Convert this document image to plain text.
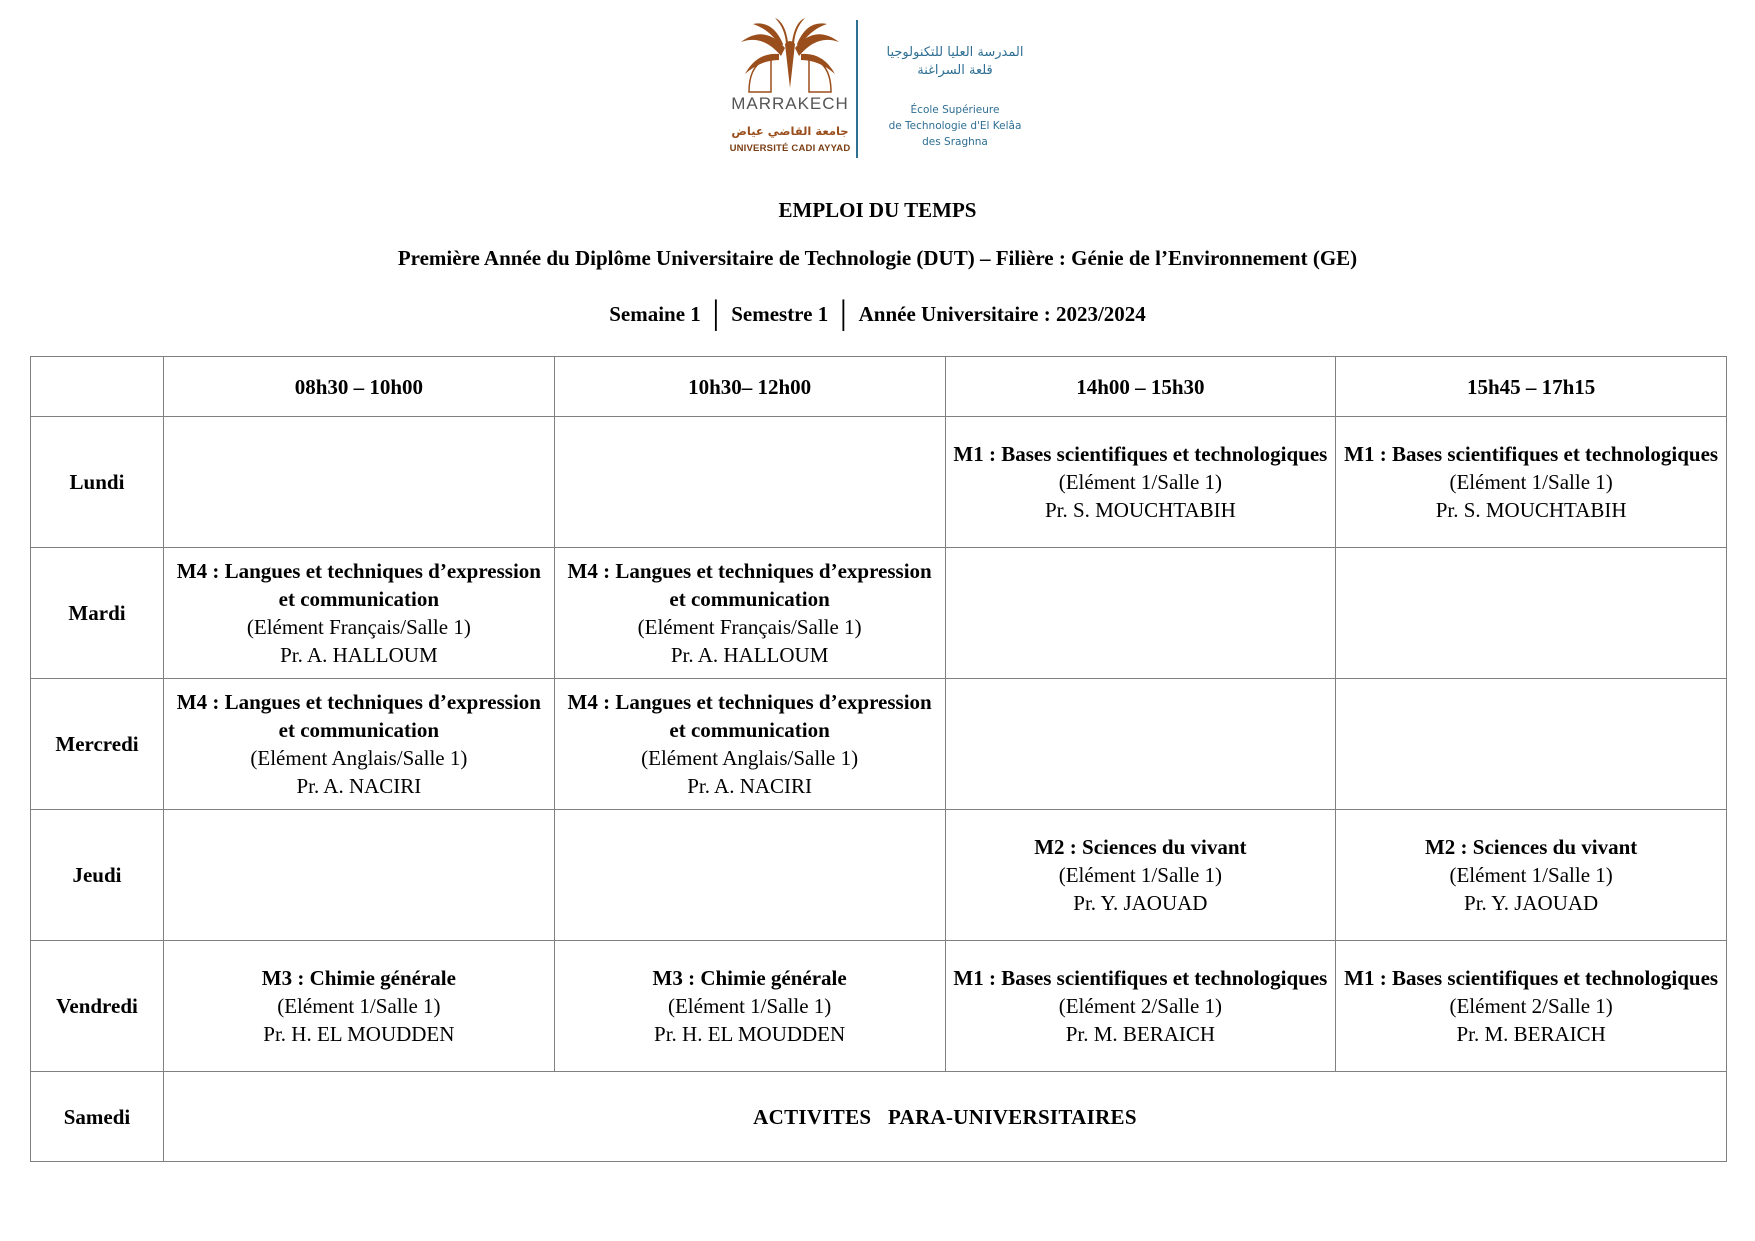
MARRAKECH
جامعة القاضي عياض
UNIVERSITÉ CADI AYYAD
المدرسة العليا للتكنولوجيا
قلعة السراغنة
École Supérieure
de Technologie d'El Kelâa
des Sraghna
EMPLOI DU TEMPS
Première Année du Diplôme Universitaire de Technologie (DUT) – Filière : Génie de l’Environnement (GE)
Semaine 1 │ Semestre 1 │ Année Universitaire : 2023/2024
	08h30 – 10h00	10h30– 12h00	14h00 – 15h30	15h45 – 17h15
Lundi			M1 : Bases scientifiques et technologiques
(Elément 1/Salle 1)
Pr. S. MOUCHTABIH	M1 : Bases scientifiques et technologiques
(Elément 1/Salle 1)
Pr. S. MOUCHTABIH

Mardi	M4 : Langues et techniques d’expression et communication
(Elément Français/Salle 1)
Pr. A. HALLOUM	M4 : Langues et techniques d’expression et communication
(Elément Français/Salle 1)
Pr. A. HALLOUM		

Mercredi	M4 : Langues et techniques d’expression et communication
(Elément Anglais/Salle 1)
Pr. A. NACIRI	M4 : Langues et techniques d’expression et communication
(Elément Anglais/Salle 1)
Pr. A. NACIRI		

Jeudi			M2 : Sciences du vivant
(Elément 1/Salle 1)
Pr. Y. JAOUAD	M2 : Sciences du vivant
(Elément 1/Salle 1)
Pr. Y. JAOUAD

Vendredi	M3 : Chimie générale
(Elément 1/Salle 1)
Pr. H. EL MOUDDEN	M3 : Chimie générale
(Elément 1/Salle 1)
Pr. H. EL MOUDDEN	M1 : Bases scientifiques et technologiques
(Elément 2/Salle 1)
Pr. M. BERAICH	M1 : Bases scientifiques et technologiques
(Elément 2/Salle 1)
Pr. M. BERAICH

Samedi	ACTIVITES   PARA-UNIVERSITAIRES			
